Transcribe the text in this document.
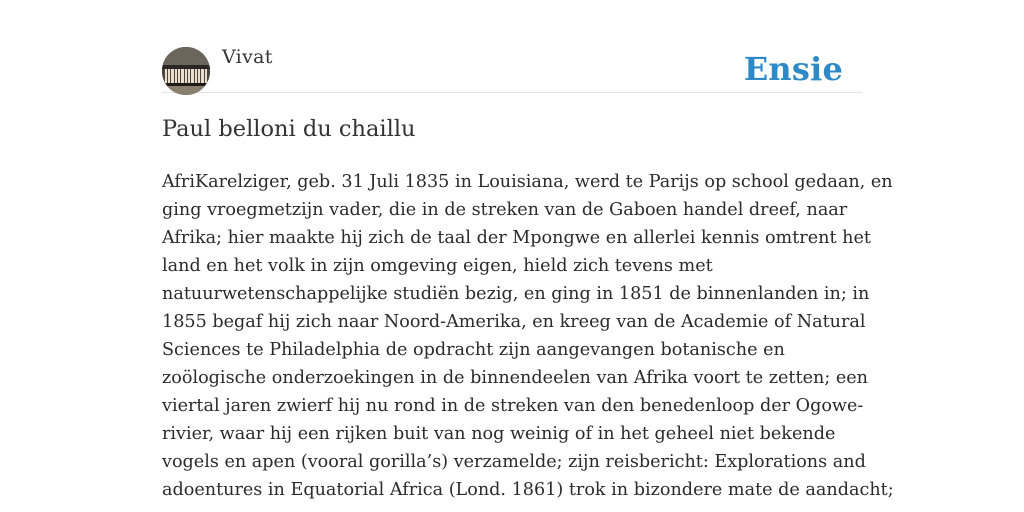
Vivat	Ensie
Paul belloni du chaillu
AfriKarelziger, geb. 31 Juli 1835 in Louisiana, werd te Parijs op school gedaan, en
ging vroegmetzijn vader, die in de streken van de Gaboen handel dreef, naar
Afrika; hier maakte hij zich de taal der Mpongwe en allerlei kennis omtrent het
land en het volk in zijn omgeving eigen, hield zich tevens met
natuurwetenschappelijke studiën bezig, en ging in 1851 de binnenlanden in; in
1855 begaf hij zich naar Noord-Amerika, en kreeg van de Academie of Natural
Sciences te Philadelphia de opdracht zijn aangevangen botanische en
zoölogische onderzoekingen in de binnendeelen van Afrika voort te zetten; een
viertal jaren zwierf hij nu rond in de streken van den benedenloop der Ogowe-
rivier, waar hij een rijken buit van nog weinig of in het geheel niet bekende
vogels en apen (vooral gorilla’s) verzamelde; zijn reisbericht: Explorations and
adoentures in Equatorial Africa (Lond. 1861) trok in bizondere mate de aandacht;
